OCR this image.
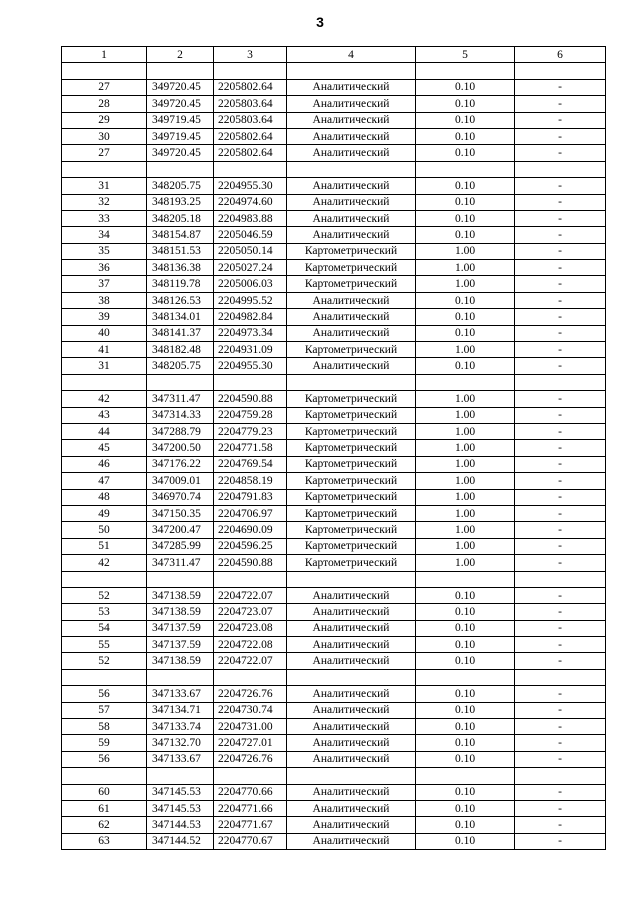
3
1	2	3	4	5	6

27	349720.45	2205802.64	Аналитический	0.10	-
28	349720.45	2205803.64	Аналитический	0.10	-
29	349719.45	2205803.64	Аналитический	0.10	-
30	349719.45	2205802.64	Аналитический	0.10	-
27	349720.45	2205802.64	Аналитический	0.10	-

31	348205.75	2204955.30	Аналитический	0.10	-
32	348193.25	2204974.60	Аналитический	0.10	-
33	348205.18	2204983.88	Аналитический	0.10	-
34	348154.87	2205046.59	Аналитический	0.10	-
35	348151.53	2205050.14	Картометрический	1.00	-
36	348136.38	2205027.24	Картометрический	1.00	-
37	348119.78	2205006.03	Картометрический	1.00	-
38	348126.53	2204995.52	Аналитический	0.10	-
39	348134.01	2204982.84	Аналитический	0.10	-
40	348141.37	2204973.34	Аналитический	0.10	-
41	348182.48	2204931.09	Картометрический	1.00	-
31	348205.75	2204955.30	Аналитический	0.10	-

42	347311.47	2204590.88	Картометрический	1.00	-
43	347314.33	2204759.28	Картометрический	1.00	-
44	347288.79	2204779.23	Картометрический	1.00	-
45	347200.50	2204771.58	Картометрический	1.00	-
46	347176.22	2204769.54	Картометрический	1.00	-
47	347009.01	2204858.19	Картометрический	1.00	-
48	346970.74	2204791.83	Картометрический	1.00	-
49	347150.35	2204706.97	Картометрический	1.00	-
50	347200.47	2204690.09	Картометрический	1.00	-
51	347285.99	2204596.25	Картометрический	1.00	-
42	347311.47	2204590.88	Картометрический	1.00	-

52	347138.59	2204722.07	Аналитический	0.10	-
53	347138.59	2204723.07	Аналитический	0.10	-
54	347137.59	2204723.08	Аналитический	0.10	-
55	347137.59	2204722.08	Аналитический	0.10	-
52	347138.59	2204722.07	Аналитический	0.10	-

56	347133.67	2204726.76	Аналитический	0.10	-
57	347134.71	2204730.74	Аналитический	0.10	-
58	347133.74	2204731.00	Аналитический	0.10	-
59	347132.70	2204727.01	Аналитический	0.10	-
56	347133.67	2204726.76	Аналитический	0.10	-

60	347145.53	2204770.66	Аналитический	0.10	-
61	347145.53	2204771.66	Аналитический	0.10	-
62	347144.53	2204771.67	Аналитический	0.10	-
63	347144.52	2204770.67	Аналитический	0.10	-
